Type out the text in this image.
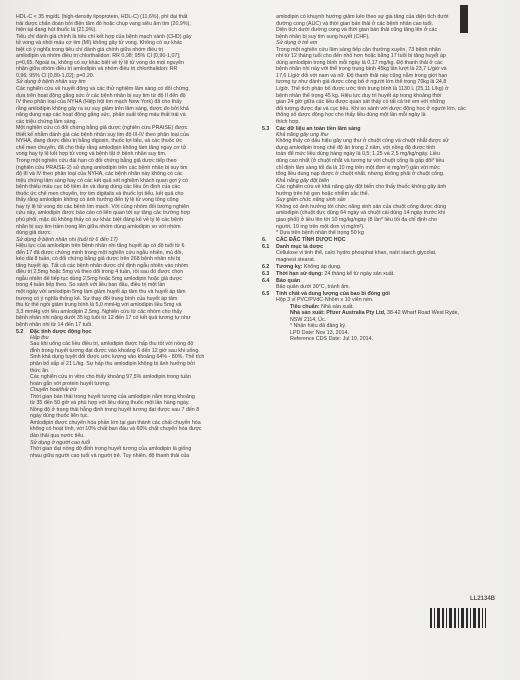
HDL-C < 35 mg/dL (high-density lipoprotein, HDL-C) (11,6%), phì đại thất
trái được chẩn đoán bởi điện tâm đồ hoặc chụp vang siêu âm tim (20,9%),
hiện tại đang hút thuốc lá (21,9%).
Tiêu chí đánh giá chính là tiêu chí kết hợp của bệnh mạch vành (CHD) gây
tử vong và nhồi máu cơ tim (MI) không gây tử vong. Không có sự khác
biệt có ý nghĩa trong tiêu chí đánh giá chính giữa nhóm điều trị
amlodipin và nhóm điều trị chlorthalidon: RR 0,98; 95% CI [0,90-1,07];
p=0,65. Ngoài ra, không có sự khác biệt về tỷ lệ tử vong do mọi nguyên
nhân giữa nhóm điều trị amlodipin và nhóm điều trị chlorthalidon: RR
0,96; 95% CI [0,89-1,02]; p=0,20.
Sử dụng ở bệnh nhân suy tim
Các nghiên cứu về huyết động và các thử nghiệm lâm sàng có đối chứng,
dựa trên hoạt động gắng sức ở các bệnh nhân bị suy tim từ độ II đến độ
IV theo phân loại của NYHA (Hiệp hội tim mạch New York) đã cho thấy
rằng amlodipin không gây ra sự suy giảm trên lâm sàng, được đo bởi khả
năng dung nạp các hoạt động gắng sức, phân suất tống máu thất trái và
các triệu chứng lâm sàng.
Một nghiên cứu có đối chứng bằng giả dược (nghiên cứu PRAISE) được
thiết kế nhằm đánh giá các bệnh nhân suy tim độ III-IV theo phân loại của
NYHA, đang được điều trị bằng digoxin, thuốc lợi tiểu, và các thuốc ức
chế men chuyển, đã cho thấy rằng amlodipin không làm tăng nguy cơ tử
vong hay tỷ lệ kết hợp tử vong và bệnh tật ở bệnh nhân suy tim.
Trong một nghiên cứu dài hạn có đối chứng bằng giả dược tiếp theo
(nghiên cứu PRAISE-2) sử dụng amlodipin trên các bệnh nhân bị suy tim
độ III và IV theo phân loại của NYHA, các bệnh nhân này không có các
triệu chứng lâm sàng hay có các kết quả xét nghiệm khách quan gợi ý có
bệnh thiếu máu cục bộ tiềm ẩn và đang dùng các liều ổn định của các
thuốc ức chế men chuyển, trợ tim digitalis và thuốc lợi tiểu, kết quả cho
thấy rằng amlodipin không có ảnh hưởng đến tỷ lệ tử vong tổng cộng
hay tỷ lệ tử vong do các bệnh tim mạch. Với cùng nhóm đối tượng nghiên
cứu này, amlodipin được báo cáo có liên quan tới sự tăng các trường hợp
phù phổi, mặc dù không thấy có sự khác biệt đáng kể về tỷ lệ các bệnh
nhân bị suy tim trầm trọng lên giữa nhóm dùng amlodipin so với nhóm
dùng giả dược.
Sử dụng ở bệnh nhân nhi (tuổi từ 6 đến 17)
Hiệu lực của amlodipin trên bệnh nhân nhi tăng huyết áp có độ tuổi từ 6
đến 17 đã được chứng minh trong một nghiên cứu ngẫu nhiên, mù đôi,
kéo dài 8 tuần, có đối chứng bằng giả dược trên 268 bệnh nhân nhi bị
tăng huyết áp. Tất cả các bệnh nhân được chỉ định ngẫu nhiên vào nhóm
điều trị 2,5mg hoặc 5mg và theo dõi trong 4 tuần, rồi sau đó được chọn
ngẫu nhiên để tiếp tục dùng 2,5mg hoặc 5mg amlodipin hoặc giả dược
trong 4 tuần tiếp theo. So sánh với liều ban đầu, điều trị một lần
một ngày với amlodipin 5mg làm giảm huyết áp tâm thu và huyết áp tâm
trương có ý nghĩa thống kê. Sự thay đổi trung bình của huyết áp tâm
thu từ thế ngồi giảm trung bình là 5,0 mmHg với amlodipin liều 5mg và
3,3 mmHg với liều amlodipin 2,5mg. Nghiên cứu từ các nhóm cho thấy
bệnh nhân nhi nặng dưới 35 kg tuổi từ 12 đến 17 có kết quả tương tự như
bệnh nhân nhi từ 14 đến 17 tuổi.
5.2	Đặc tính dược động học
Hấp thu
Sau khi uống các liều điều trị, amlodipin được hấp thu tốt với nồng độ
đỉnh trong huyết tương đạt được vào khoảng 6 đến 12 giờ sau khi uống.
Sinh khả dụng tuyệt đối được ước lượng vào khoảng 64% - 80%. Thể tích
phân bố xấp xỉ 21 L/kg. Sự hấp thu amlodipin không bị ảnh hưởng bởi
thức ăn.
Các nghiên cứu in vitro cho thấy khoảng 97,5% amlodipin trong tuần
hoàn gắn với protein huyết tương.
Chuyển hoá/thải trừ
Thời gian bán thải trong huyết tương của amlodipin nằm trong khoảng
từ 35 đến 50 giờ và phù hợp với liều dùng thuốc một lần hàng ngày.
Nồng độ ở trạng thái hằng định trong huyết tương đạt được sau 7 đến 8
ngày dùng thuốc liên tục.
Amlodipin được chuyển hóa phần lớn tại gan thành các chất chuyển hóa
không có hoạt tính, với 10% chất ban đầu và 60% chất chuyển hóa được
đào thải qua nước tiểu.
Sử dụng ở người cao tuổi
Thời gian đạt nồng độ đỉnh trong huyết tương của amlodipin là giống
nhau giữa người cao tuổi và người trẻ. Tuy nhiên, độ thanh thải của
amlodipin có khuynh hướng giảm kéo theo sự gia tăng của diện tích dưới
đường cong (AUC) và thời gian bán thải ở các bệnh nhân cao tuổi.
Diện tích dưới đường cong và thời gian bán thải cũng tăng lên ở các
bệnh nhân bị suy tim sung huyết (CHF).
Sử dụng ở trẻ em
Trong một nghiên cứu lâm sàng tiếp cận thường xuyên, 73 bệnh nhân
nhi từ 12 tháng tuổi cho đến nhỏ hơn hoặc bằng 17 tuổi bị tăng huyết áp
dùng amlodipin trong bình mỗi ngày là 0,17 mg/kg. Độ thanh thải ở các
bệnh nhân nhi này với thể trọng trung bình 45kg lần lượt là 23,7 L/giờ và
17,6 L/giờ đối với nam và nữ. Độ thanh thải này cũng nằm trong giới hạn
tương tự như đánh giá được công bố ở người lớn thể trọng 70kg là 24,8
L/giờ. Thể tích phân bố được ước tính trung bình là 1130 L (25,11 L/kg) ở
bệnh nhân thể trọng 45 kg. Hiệu lực duy trì huyết áp trong khoảng thời
gian 24 giờ giữa các liều được quan sát thấy có tất cả trẻ em với những
đối tượng được đại và cục tiêu. Khi so sánh với dược động học ở người lớn, các
thông số dược động học cho thấy liều dùng một lần mỗi ngày là
thích hợp.
5.3	Các dữ liệu an toàn tiền lâm sàng
Khả năng gây ung thư
Không thấy có dấu hiệu gây ung thư ở chuột cống và chuột nhắt được sử
dụng amlodipin trong chế độ ăn trong 2 năm, với nồng độ được tính
toán để mức liều dùng hàng ngày là 0,5; 1,25 và 2,5 mg/kg/ngày. Liều
dùng cao nhất (ở chuột nhắt và tương tự với chuột cống là gấp đôi* liều
chỉ định lâm sàng tối đa là 10 mg trên một đơn vị mg/m²) gần với mức
tổng liều dung nạp được ở chuột nhắt, nhưng không phải ở chuột cống.
Khả năng gây đột biến
Các nghiên cứu về khả năng gây đột biến cho thấy thuốc không gây ảnh
hưởng trên hệ gen hoặc nhiễm sắc thể.
Suy giảm chức năng sinh sản
Không có ảnh hưởng tới chức năng sinh sản của chuột cống được dùng
amlodipin (chuột đực dùng 64 ngày và chuột cái dùng 14 ngày trước khi
giao phối) ở liều lên tới 10 mg/kg/ngày (8 lần* liều tối đa chỉ định cho
người, 10 mg trên một đơn vị mg/m²).
* Dựa trên bệnh nhân thể trọng 50 kg
6.	CÁC ĐẶC TÍNH DƯỢC HỌC
6.1	Danh mục tá dược
Cellulose vi tinh thể, calci hydro phosphat khan, natri starch glycolat,
magnesi stearat.
6.2	Tương kỵ: Không áp dụng.
6.3	Thời hạn sử dụng: 24 tháng kể từ ngày sản xuất.
6.4	Bảo quản
Bảo quản dưới 30°C, tránh ẩm.
6.5	Tính chất và dung lượng của bao bì đóng gói
Hộp 3 vỉ PVC/PVdC-Nhôm x 10 viên nén.
Tiêu chuẩn: Nhà sản xuất.
Nhà sản xuất: Pfizer Australia Pty Ltd, 38-42 Wharf Road West Ryde,
NSW 2114, Úc.
* Nhãn hiệu đã đăng ký.
LPD Date: Nov 13, 2014.
Reference CDS Date: Jul 10, 2014.
LL2134B
